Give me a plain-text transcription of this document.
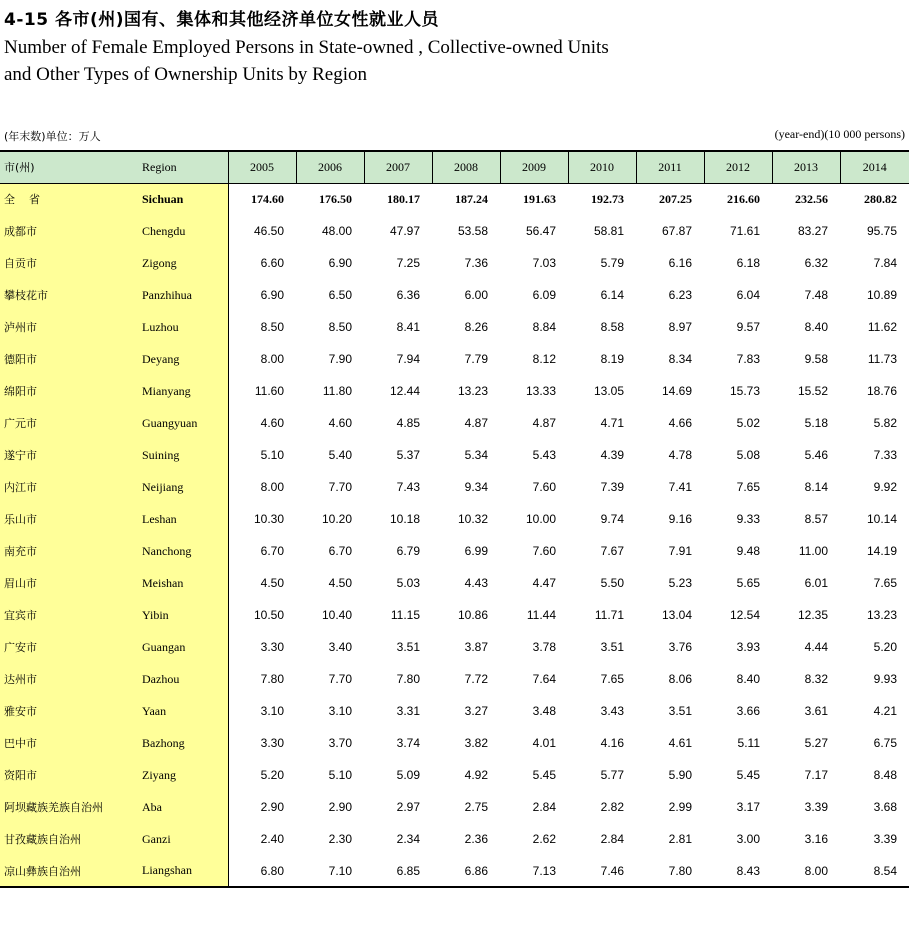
4-15 各市(州)国有、集体和其他经济单位女性就业人员
Number of Female Employed Persons in State-owned , Collective-owned Units
and Other Types of Ownership Units by Region
(年末数)单位：万人	(year-end)(10 000 persons)
市(州)	Region	2005	2006	2007	2008	2009	2010	2011	2012	2013	2014
全省	Sichuan	174.60	176.50	180.17	187.24	191.63	192.73	207.25	216.60	232.56	280.82
成都市	Chengdu	46.50	48.00	47.97	53.58	56.47	58.81	67.87	71.61	83.27	95.75
自贡市	Zigong	6.60	6.90	7.25	7.36	7.03	5.79	6.16	6.18	6.32	7.84
攀枝花市	Panzhihua	6.90	6.50	6.36	6.00	6.09	6.14	6.23	6.04	7.48	10.89
泸州市	Luzhou	8.50	8.50	8.41	8.26	8.84	8.58	8.97	9.57	8.40	11.62
德阳市	Deyang	8.00	7.90	7.94	7.79	8.12	8.19	8.34	7.83	9.58	11.73
绵阳市	Mianyang	11.60	11.80	12.44	13.23	13.33	13.05	14.69	15.73	15.52	18.76
广元市	Guangyuan	4.60	4.60	4.85	4.87	4.87	4.71	4.66	5.02	5.18	5.82
遂宁市	Suining	5.10	5.40	5.37	5.34	5.43	4.39	4.78	5.08	5.46	7.33
内江市	Neijiang	8.00	7.70	7.43	9.34	7.60	7.39	7.41	7.65	8.14	9.92
乐山市	Leshan	10.30	10.20	10.18	10.32	10.00	9.74	9.16	9.33	8.57	10.14
南充市	Nanchong	6.70	6.70	6.79	6.99	7.60	7.67	7.91	9.48	11.00	14.19
眉山市	Meishan	4.50	4.50	5.03	4.43	4.47	5.50	5.23	5.65	6.01	7.65
宜宾市	Yibin	10.50	10.40	11.15	10.86	11.44	11.71	13.04	12.54	12.35	13.23
广安市	Guangan	3.30	3.40	3.51	3.87	3.78	3.51	3.76	3.93	4.44	5.20
达州市	Dazhou	7.80	7.70	7.80	7.72	7.64	7.65	8.06	8.40	8.32	9.93
雅安市	Yaan	3.10	3.10	3.31	3.27	3.48	3.43	3.51	3.66	3.61	4.21
巴中市	Bazhong	3.30	3.70	3.74	3.82	4.01	4.16	4.61	5.11	5.27	6.75
资阳市	Ziyang	5.20	5.10	5.09	4.92	5.45	5.77	5.90	5.45	7.17	8.48
阿坝藏族羌族自治州	Aba	2.90	2.90	2.97	2.75	2.84	2.82	2.99	3.17	3.39	3.68
甘孜藏族自治州	Ganzi	2.40	2.30	2.34	2.36	2.62	2.84	2.81	3.00	3.16	3.39
凉山彝族自治州	Liangshan	6.80	7.10	6.85	6.86	7.13	7.46	7.80	8.43	8.00	8.54
